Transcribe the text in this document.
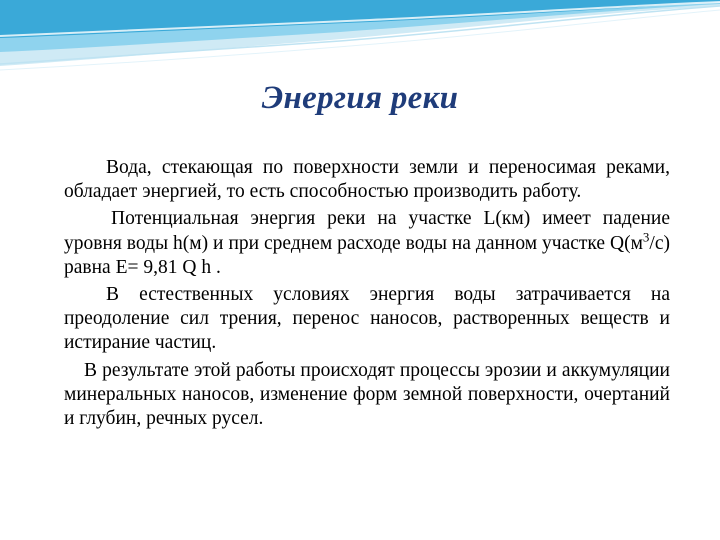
Энергия реки

Вода, стекающая по поверхности земли и переносимая реками, обладает энергией, то есть способностью производить работу.

Потенциальная энергия реки на участке L(км) имеет падение уровня воды h(м) и при среднем расходе воды на данном участке $Q(м^3/с)$ равна E= 9,81 Q h .

В естественных условиях энергия воды затрачивается на преодоление сил трения, перенос наносов, растворенных веществ и истирание частиц.

В результате этой работы происходят процессы эрозии и аккумуляции минеральных наносов, изменение форм земной поверхности, очертаний и глубин, речных русел.
